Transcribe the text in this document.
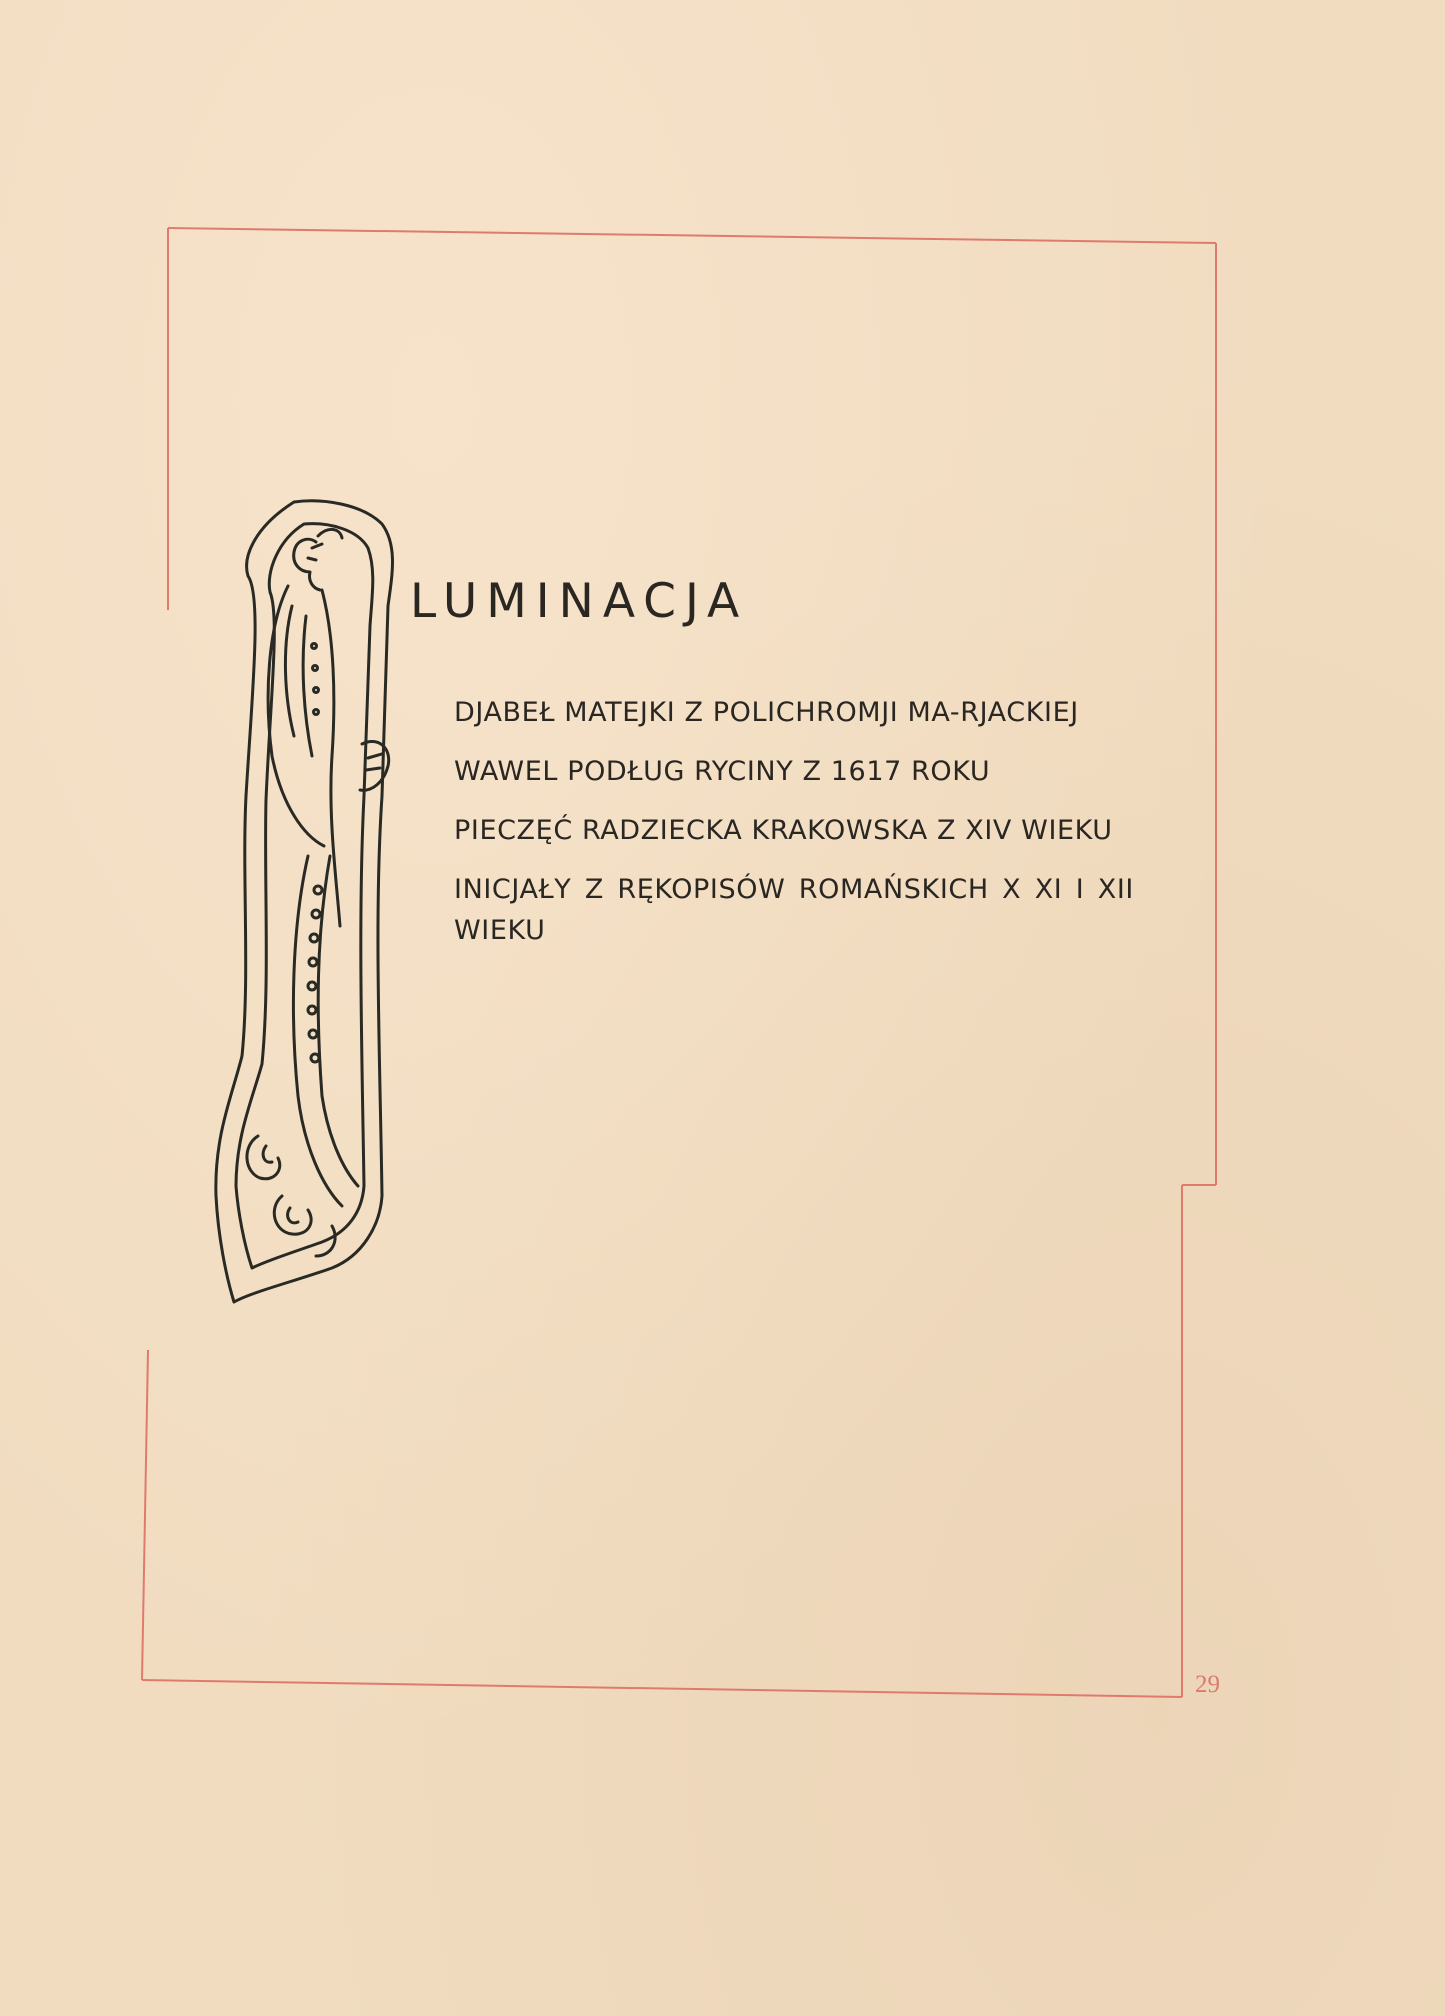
LUMINACJA
DJABEŁ MATEJKI Z POLICHROMJI MA-RJACKIEJ
WAWEL PODŁUG RYCINY Z 1617 ROKU
PIECZĘĆ RADZIECKA KRAKOWSKA Z XIV WIEKU
INICJAŁY Z RĘKOPISÓW ROMAŃSKICH X XI I XII WIEKU
29
